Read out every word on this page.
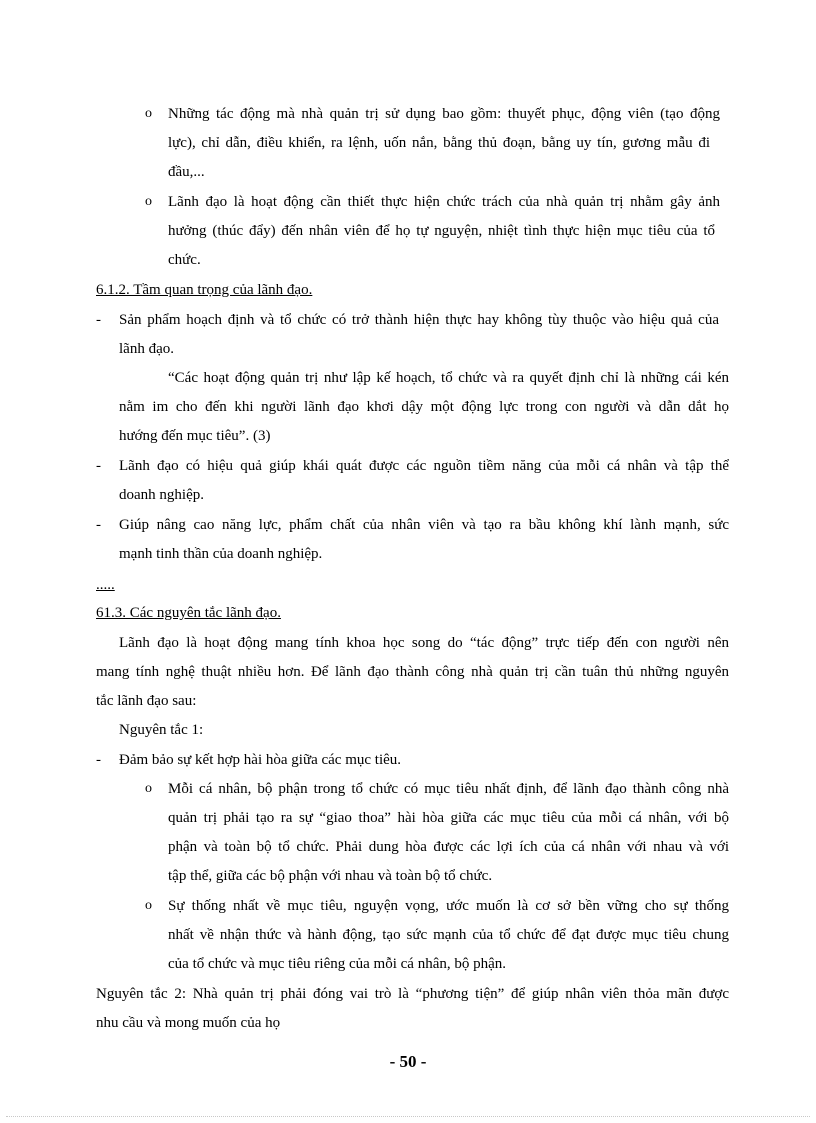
o Những tác động mà nhà quản trị sử dụng bao gồm: thuyết phục, động viên (tạo động
lực), chỉ dẫn, điều khiển, ra lệnh, uốn nắn, bằng thủ đoạn, bằng uy tín, gương mẫu đi
đầu,...
o Lãnh đạo là hoạt động cần thiết thực hiện chức trách của nhà quản trị nhằm gây ảnh
hưởng (thúc đẩy) đến nhân viên để họ tự nguyện, nhiệt tình thực hiện mục tiêu của tổ
chức.
6.1.2. Tầm quan trọng của lãnh đạo.
- Sản phẩm hoạch định và tổ chức có trở thành hiện thực hay không tùy thuộc vào hiệu quả của
lãnh đạo.
“Các hoạt động quản trị như lập kế hoạch, tổ chức và ra quyết định chỉ là những cái kén
nằm im cho đến khi người lãnh đạo khơi dậy một động lực trong con người và dẫn dắt họ
hướng đến mục tiêu”. (3)
- Lãnh đạo có hiệu quả giúp khái quát được các nguồn tiềm năng của mỗi cá nhân và tập thể
doanh nghiệp.
- Giúp nâng cao năng lực, phẩm chất của nhân viên và tạo ra bầu không khí lành mạnh, sức
mạnh tinh thần của doanh nghiệp.
.....
61.3. Các nguyên tắc lãnh đạo.
Lãnh đạo là hoạt động mang tính khoa học song do “tác động” trực tiếp đến con người nên
mang tính nghệ thuật nhiều hơn. Để lãnh đạo thành công nhà quản trị cần tuân thủ những nguyên
tắc lãnh đạo sau:
Nguyên tắc 1:
- Đảm bảo sự kết hợp hài hòa giữa các mục tiêu.
o Mỗi cá nhân, bộ phận trong tổ chức có mục tiêu nhất định, để lãnh đạo thành công nhà
quản trị phải tạo ra sự “giao thoa” hài hòa giữa các mục tiêu của mỗi cá nhân, với bộ
phận và toàn bộ tổ chức. Phải dung hòa được các lợi ích của cá nhân với nhau và với
tập thể, giữa các bộ phận với nhau và toàn bộ tổ chức.
o Sự thống nhất về mục tiêu, nguyện vọng, ước muốn là cơ sở bền vững cho sự thống
nhất về nhận thức và hành động, tạo sức mạnh của tổ chức để đạt được mục tiêu chung
của tổ chức và mục tiêu riêng của mỗi cá nhân, bộ phận.
Nguyên tắc 2: Nhà quản trị phải đóng vai trò là “phương tiện” để giúp nhân viên thỏa mãn được
nhu cầu và mong muốn của họ
- 50 -
